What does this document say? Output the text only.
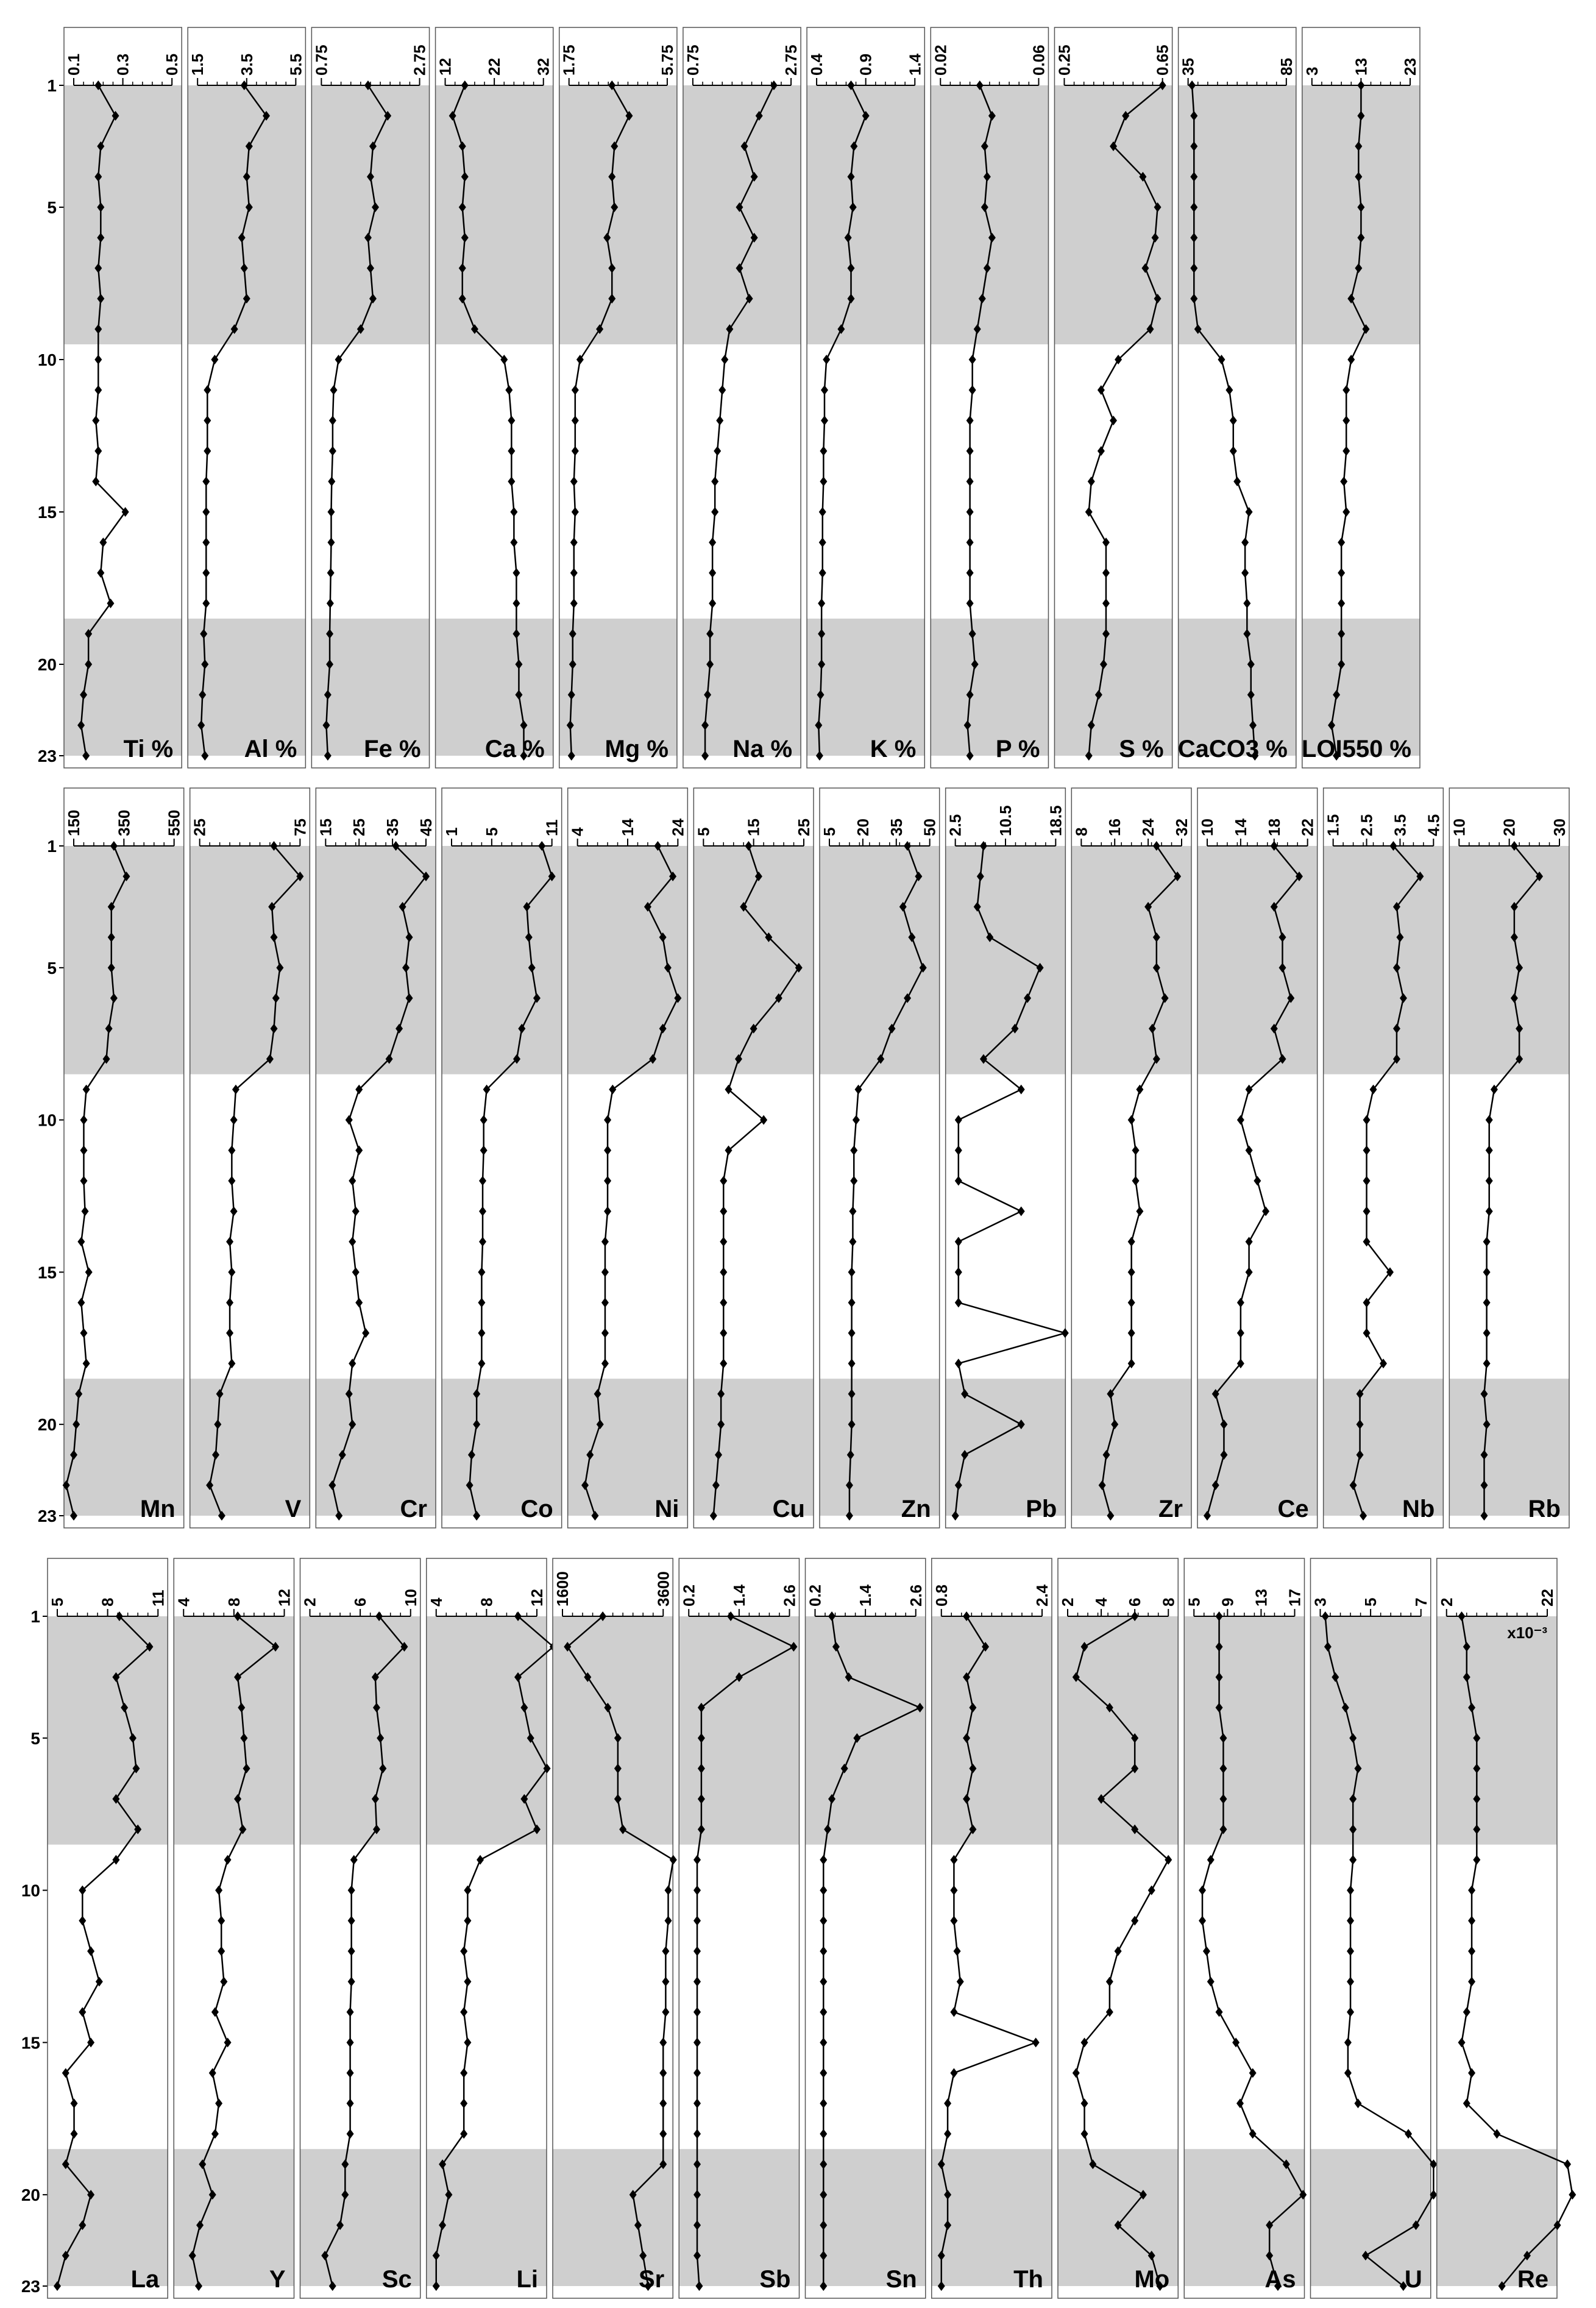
1
5
10
15
20
23
0.1 0.3 0.5
Ti %
1.5 3.5 5.5
Al %
0.75	2.75
Fe %
12 22 32
Ca %
1.75	5.75
Mg %
0.75	2.75
Na %
0.4 0.9 1.4
K %
0.02	0.06
P %
0.25	0.65
S %
35	85
CaCO3 %
3 13 23
LOI550 %
1
5
10
15
20
23
150 350 550
Mn
25	75
V
15 25 35 45
Cr
1 5	11
Co
4 14 24
Ni
5 15 25
Cu
5 20 35 50
Zn
2.5 10.5 18.5
Pb
8 16 24 32
Zr
10 14 18 22
Ce
1.5 2.5 3.5 4.5
Nb
10 20 30
Rb
1
5
10
15
20
23
5 8 11
La
4 8 12
Y
2 6 10
Sc
4 8 12
Li
1600	3600
Sr
0.2 1.4 2.6
Sb
0.2 1.4 2.6
Sn
0.8	2.4
Th
2 4 6 8
Mo
5 9 13 17
As
3 5 7
U
2	22
Re
x10⁻³
